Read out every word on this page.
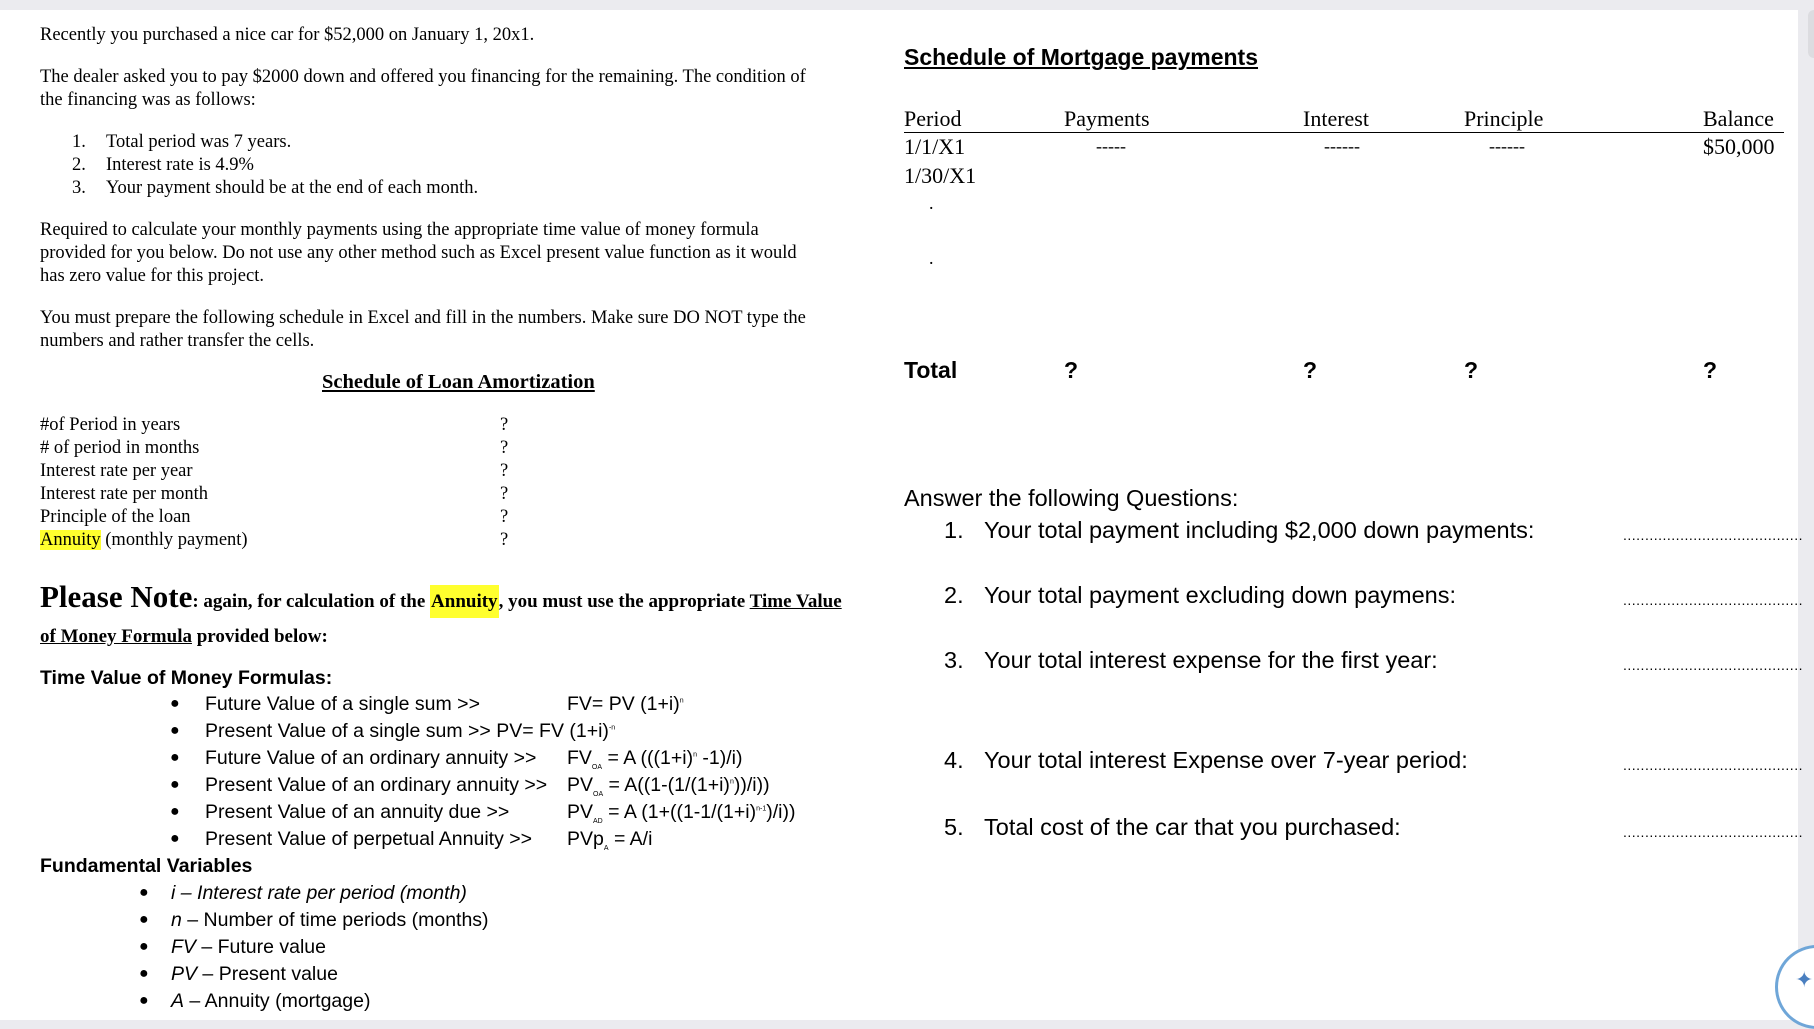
Recently you purchased a nice car for $52,000 on January 1, 20x1.
The dealer asked you to pay $2000 down and offered you financing for the remaining. The condition of
the financing was as follows:
1. Total period was 7 years.
2. Interest rate is 4.9%
3. Your payment should be at the end of each month.
Required to calculate your monthly payments using the appropriate time value of money formula
provided for you below. Do not use any other method such as Excel present value function as it would
has zero value for this project.
You must prepare the following schedule in Excel and fill in the numbers. Make sure DO NOT type the
numbers and rather transfer the cells.
Schedule of Loan Amortization
#of Period in years	?
# of period in months	?
Interest rate per year	?
Interest rate per month	?
Principle of the loan	?
Annuity (monthly payment)	?
Please Note: again, for calculation of the Annuity, you must use the appropriate Time Value
of Money Formula provided below:
Time Value of Money Formulas:
● Future Value of a single sum >>	FV= PV $(1+i)^n$
● Present Value of a single sum >> PV= FV $(1+i)^{-n}$
● Future Value of an ordinary annuity >> $FV_{OA} = A$ (($(1+i)^n$ -1)/i)
● Present Value of an ordinary annuity >> $PV_{OA} = A((1-(1/(1+i)^n))/i)$)
● Present Value of an annuity due >>	$PV_{AD} = A$ $(1+((1-1/(1+i)^{n-1})/i))$
● Present Value of perpetual Annuity >> PVp$_A$ = A/i
Fundamental Variables
● i – Interest rate per period (month)
● n – Number of time periods (months)
● FV – Future value
● PV – Present value
● A – Annuity (mortgage)
Schedule of Mortgage payments
Period	Payments	Interest	Principle	Balance
1/1/X1	-----	------	------	$50,000
1/30/X1
.
.
Total	?	?	?	?
Answer the following Questions:
1. Your total payment including $2,000 down payments:	.........................................
2. Your total payment excluding down paymens:	.........................................
3. Your total interest expense for the first year:	.........................................
4. Your total interest Expense over 7-year period:	.........................................
5. Total cost of the car that you purchased:	.........................................
✦
